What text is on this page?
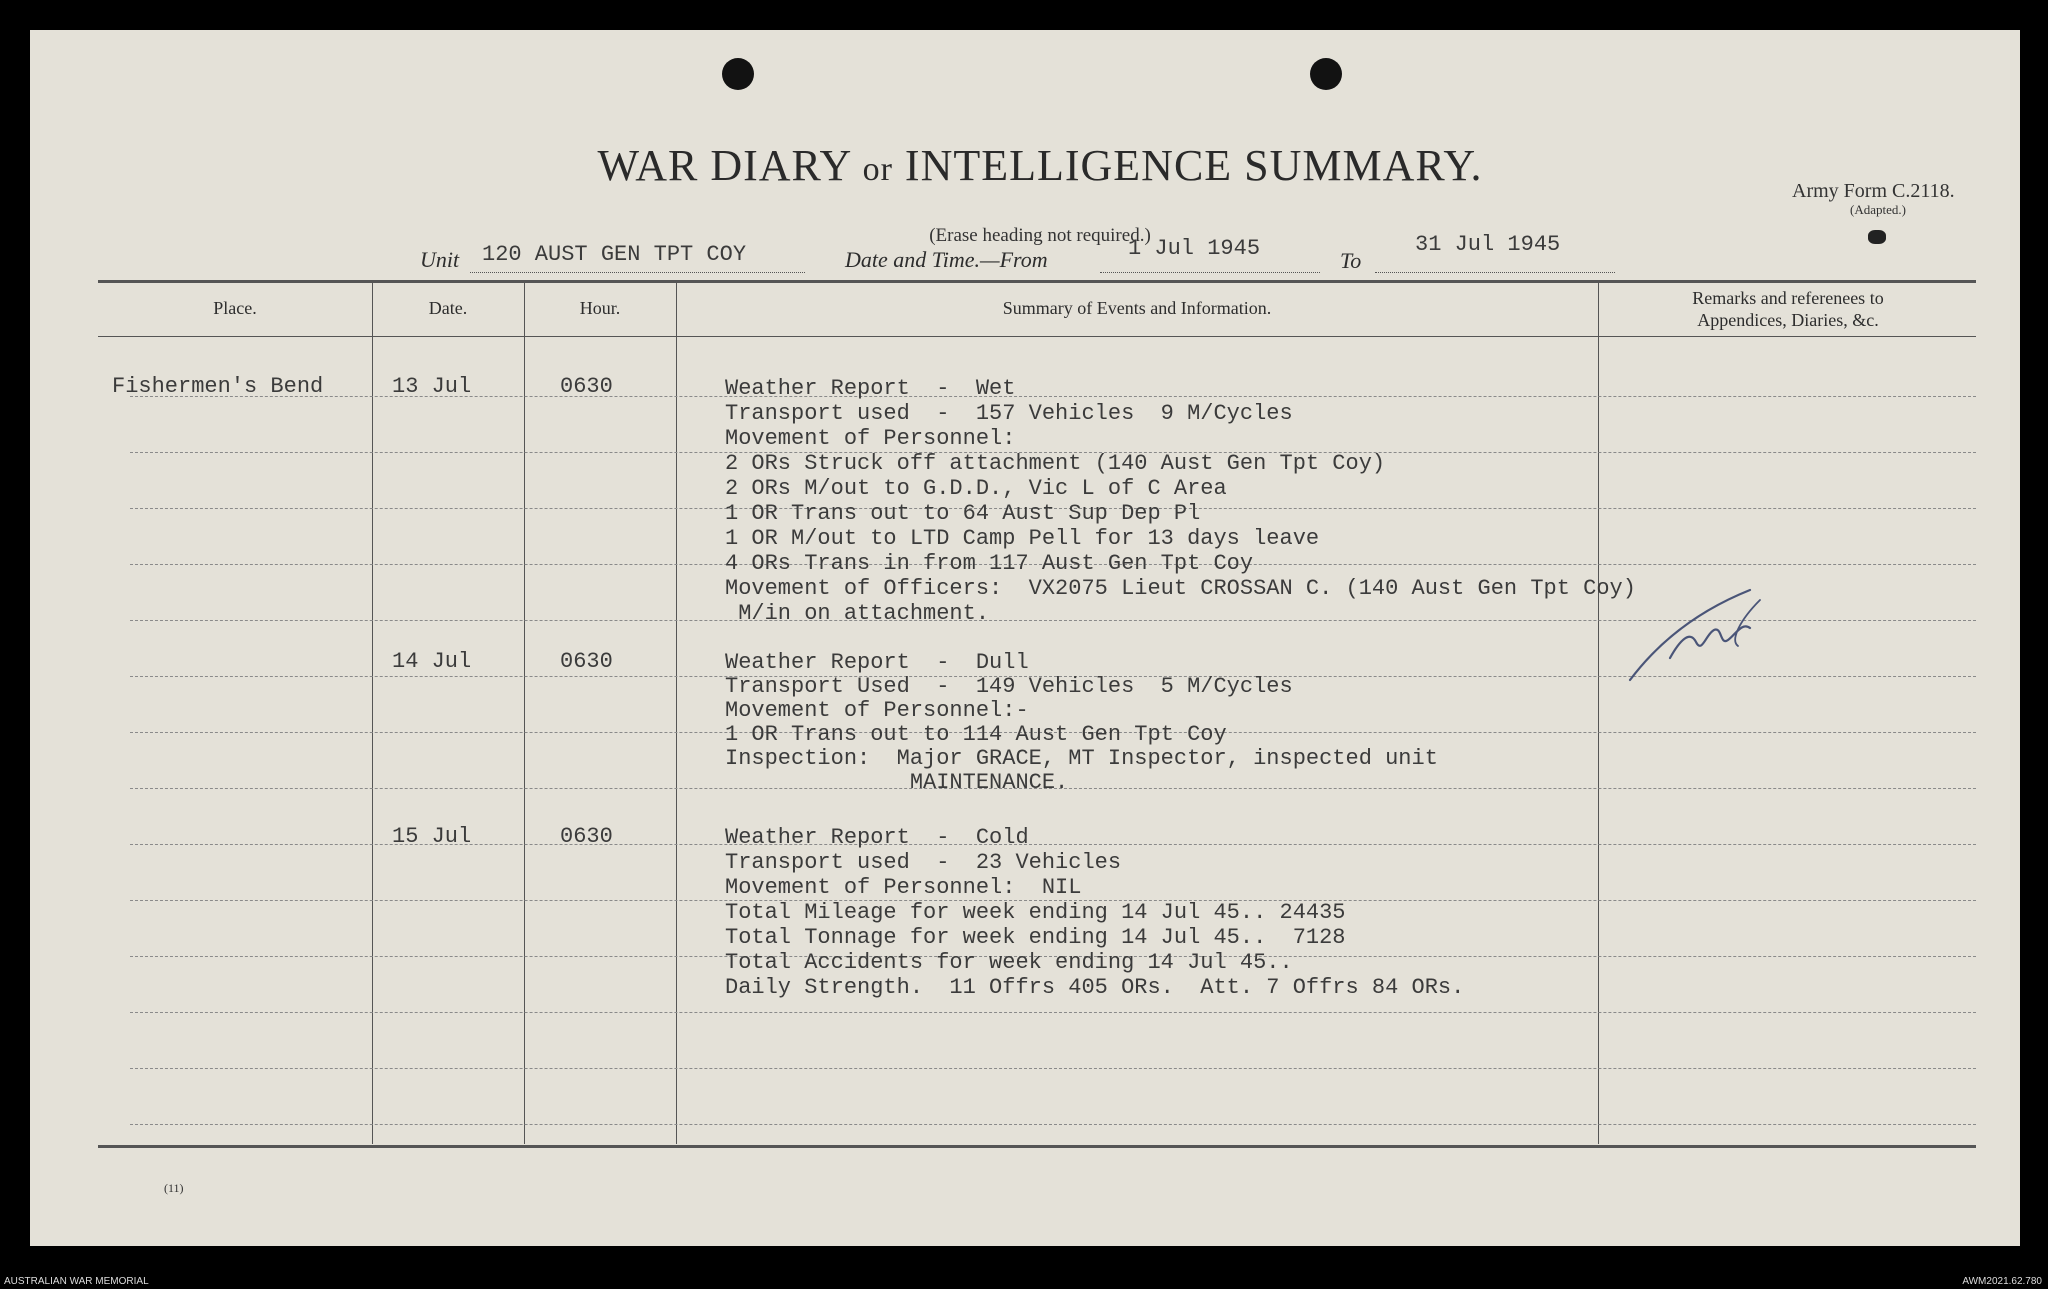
WAR DIARY or INTELLIGENCE SUMMARY.
(Erase heading not required.)
Army Form C.2118.
(Adapted.)
Unit 120 AUST GEN TPT COY	Date and Time.—From	1 Jul 1945	To
31 Jul 1945
Place.	Date.	Hour.	Summary of Events and Information.	Remarks and referenees to
Appendices, Diaries, &c.
Fishermen's Bend	13 Jul	0630	Weather Report  -  Wet
Transport used  -  157 Vehicles  9 M/Cycles
Movement of Personnel:
2 ORs Struck off attachment (140 Aust Gen Tpt Coy)
2 ORs M/out to G.D.D., Vic L of C Area
1 OR Trans out to 64 Aust Sup Dep Pl
1 OR M/out to LTD Camp Pell for 13 days leave
4 ORs Trans in from 117 Aust Gen Tpt Coy
Movement of Officers:  VX2075 Lieut CROSSAN C. (140 Aust Gen Tpt Coy)
M/in on attachment.
14 Jul	0630	Weather Report  -  Dull
Transport Used  -  149 Vehicles  5 M/Cycles
Movement of Personnel:-
1 OR Trans out to 114 Aust Gen Tpt Coy
Inspection:  Major GRACE, MT Inspector, inspected unit
MAINTENANCE.
15 Jul	0630	Weather Report  -  Cold
Transport used  -  23 Vehicles
Movement of Personnel:  NIL
Total Mileage for week ending 14 Jul 45.. 24435
Total Tonnage for week ending 14 Jul 45..  7128
Total Accidents for week ending 14 Jul 45..
Daily Strength.  11 Offrs 405 ORs.  Att. 7 Offrs 84 ORs.
(11)
AUSTRALIAN WAR MEMORIAL	AWM2021.62.780
